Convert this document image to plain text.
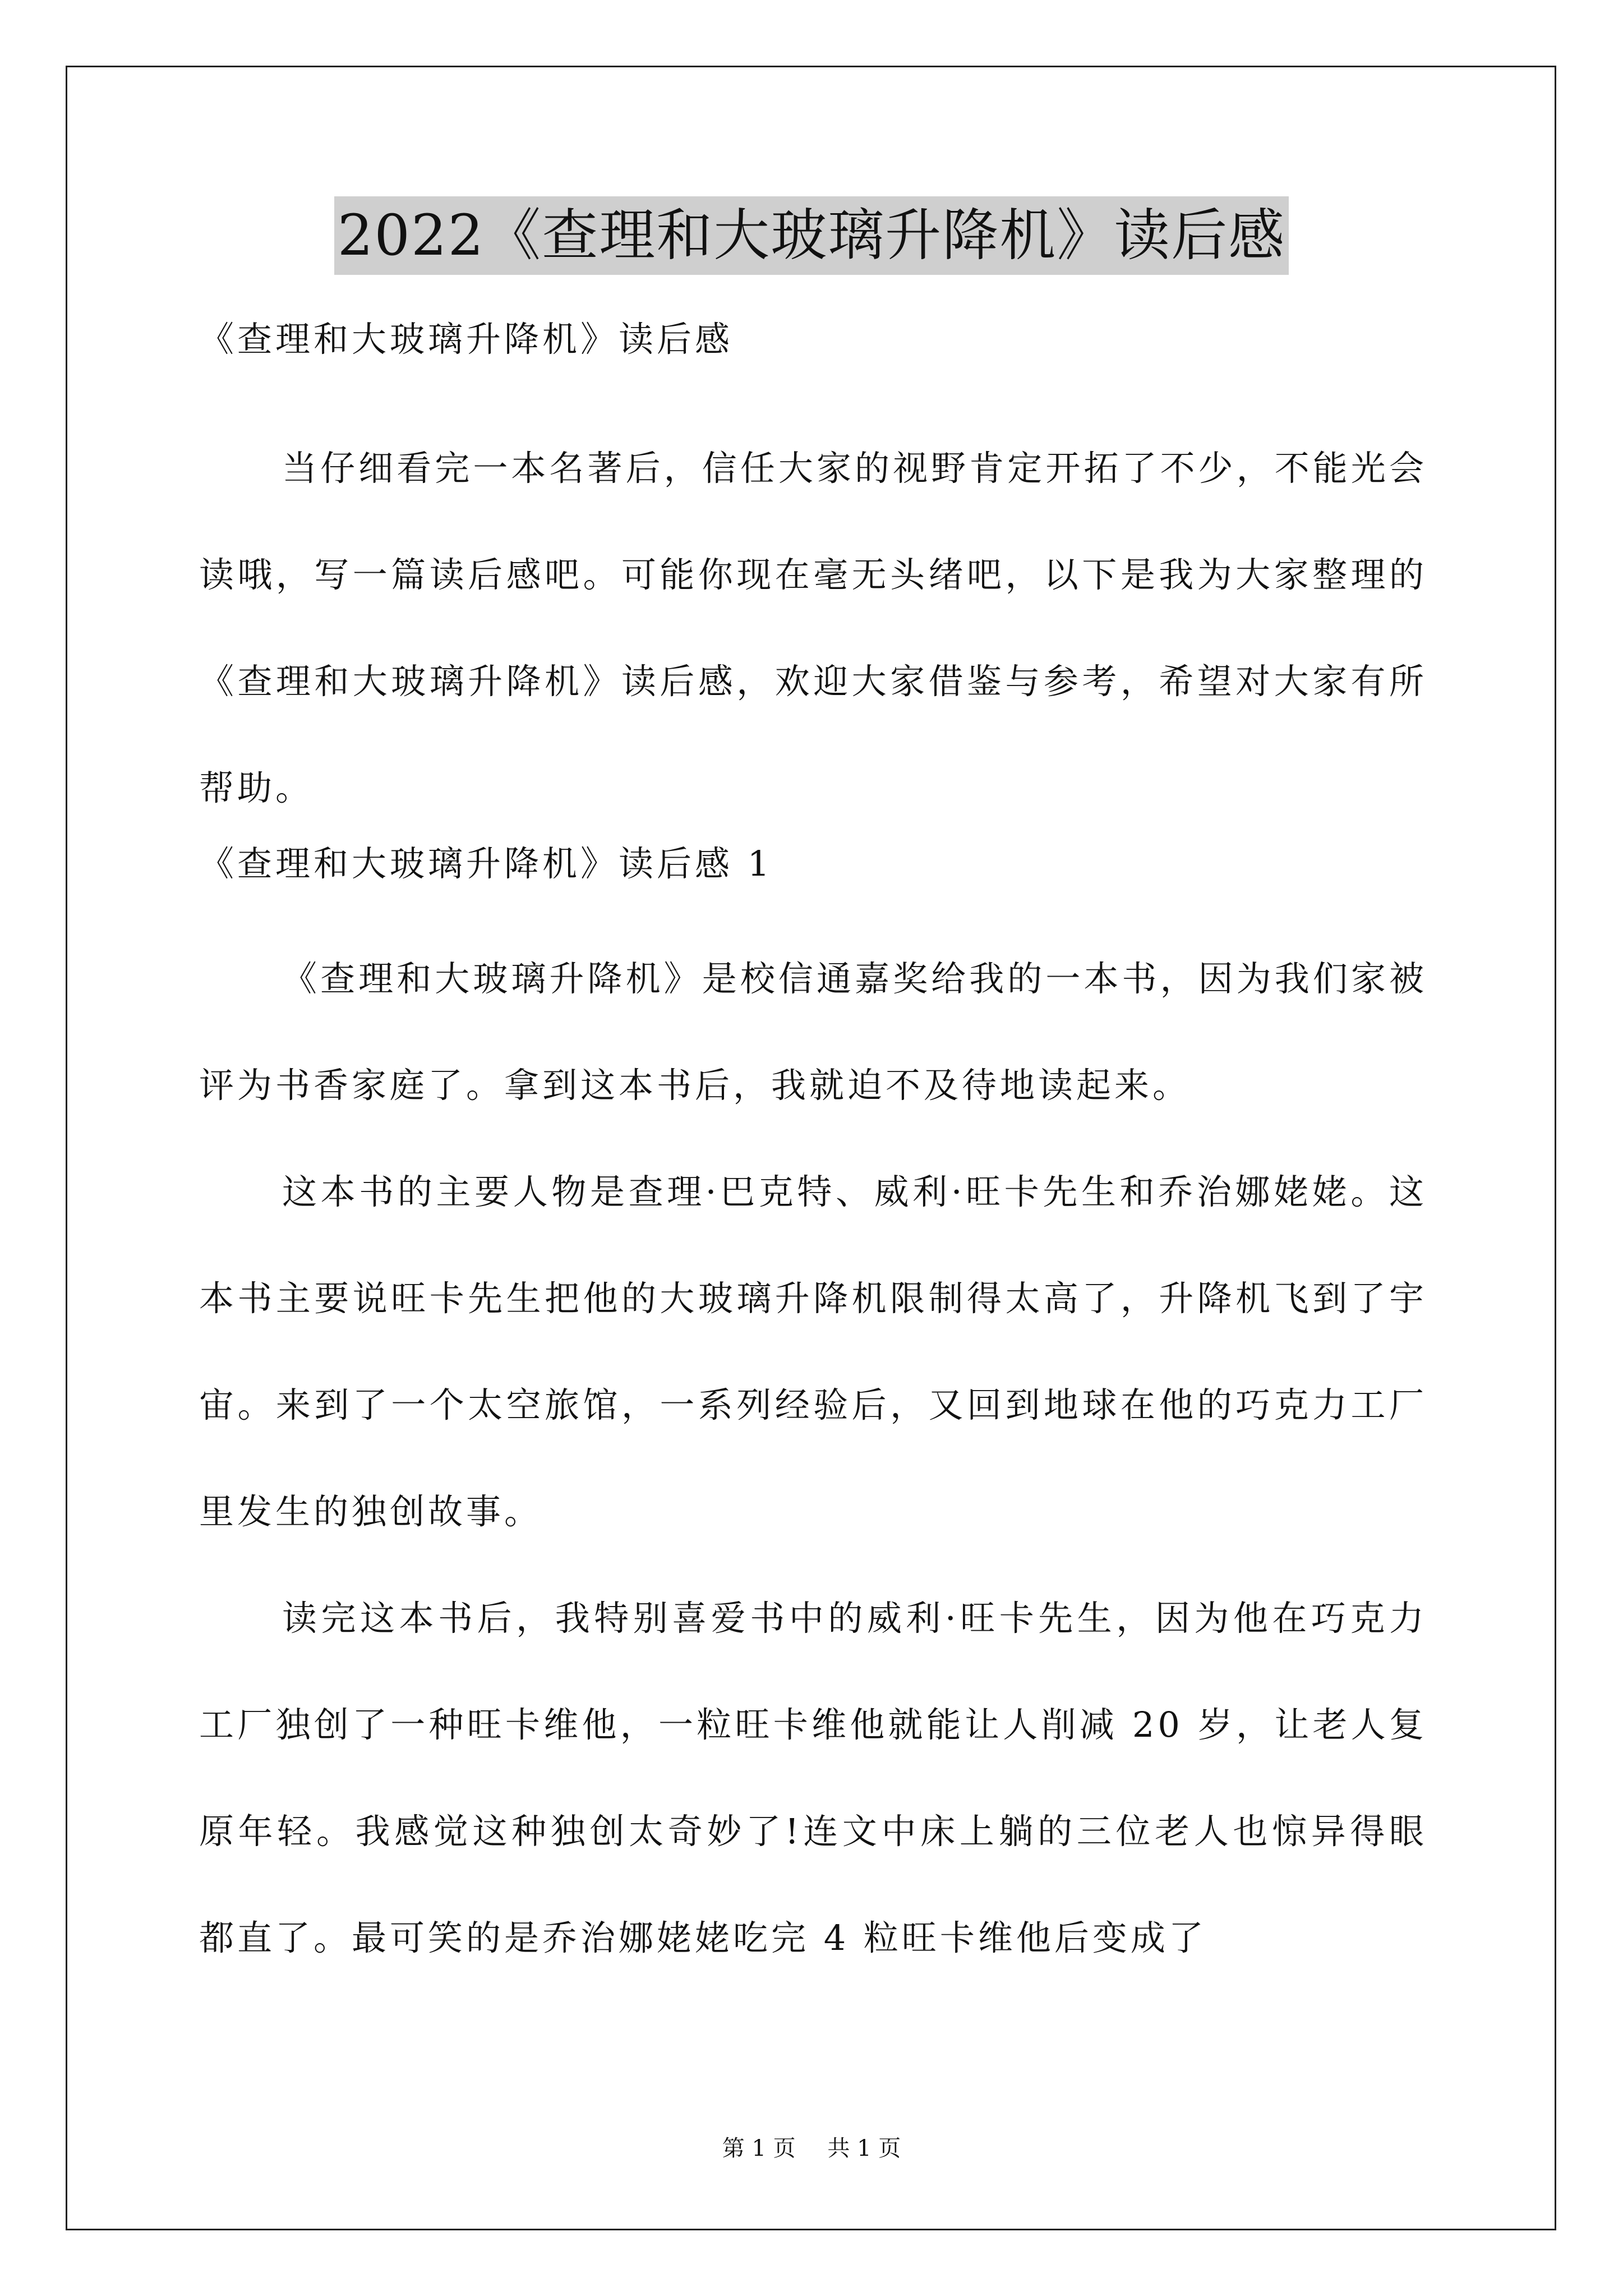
2022《查理和大玻璃升降机》读后感
《查理和大玻璃升降机》读后感

当仔细看完一本名著后，信任大家的视野肯定开拓了不少，不能光会读哦，写一篇读后感吧。可能你现在毫无头绪吧，以下是我为大家整理的《查理和大玻璃升降机》读后感，欢迎大家借鉴与参考，希望对大家有所帮助。

《查理和大玻璃升降机》读后感 1

《查理和大玻璃升降机》是校信通嘉奖给我的一本书，因为我们家被评为书香家庭了。拿到这本书后，我就迫不及待地读起来。

这本书的主要人物是查理·巴克特、威利·旺卡先生和乔治娜姥姥。这本书主要说旺卡先生把他的大玻璃升降机限制得太高了，升降机飞到了宇宙。来到了一个太空旅馆，一系列经验后，又回到地球在他的巧克力工厂里发生的独创故事。

读完这本书后，我特别喜爱书中的威利·旺卡先生，因为他在巧克力工厂独创了一种旺卡维他，一粒旺卡维他就能让人削减 20 岁，让老人复原年轻。我感觉这种独创太奇妙了!连文中床上躺的三位老人也惊异得眼都直了。最可笑的是乔治娜姥姥吃完 4 粒旺卡维他后变成了

第 1 页 共 1 页
